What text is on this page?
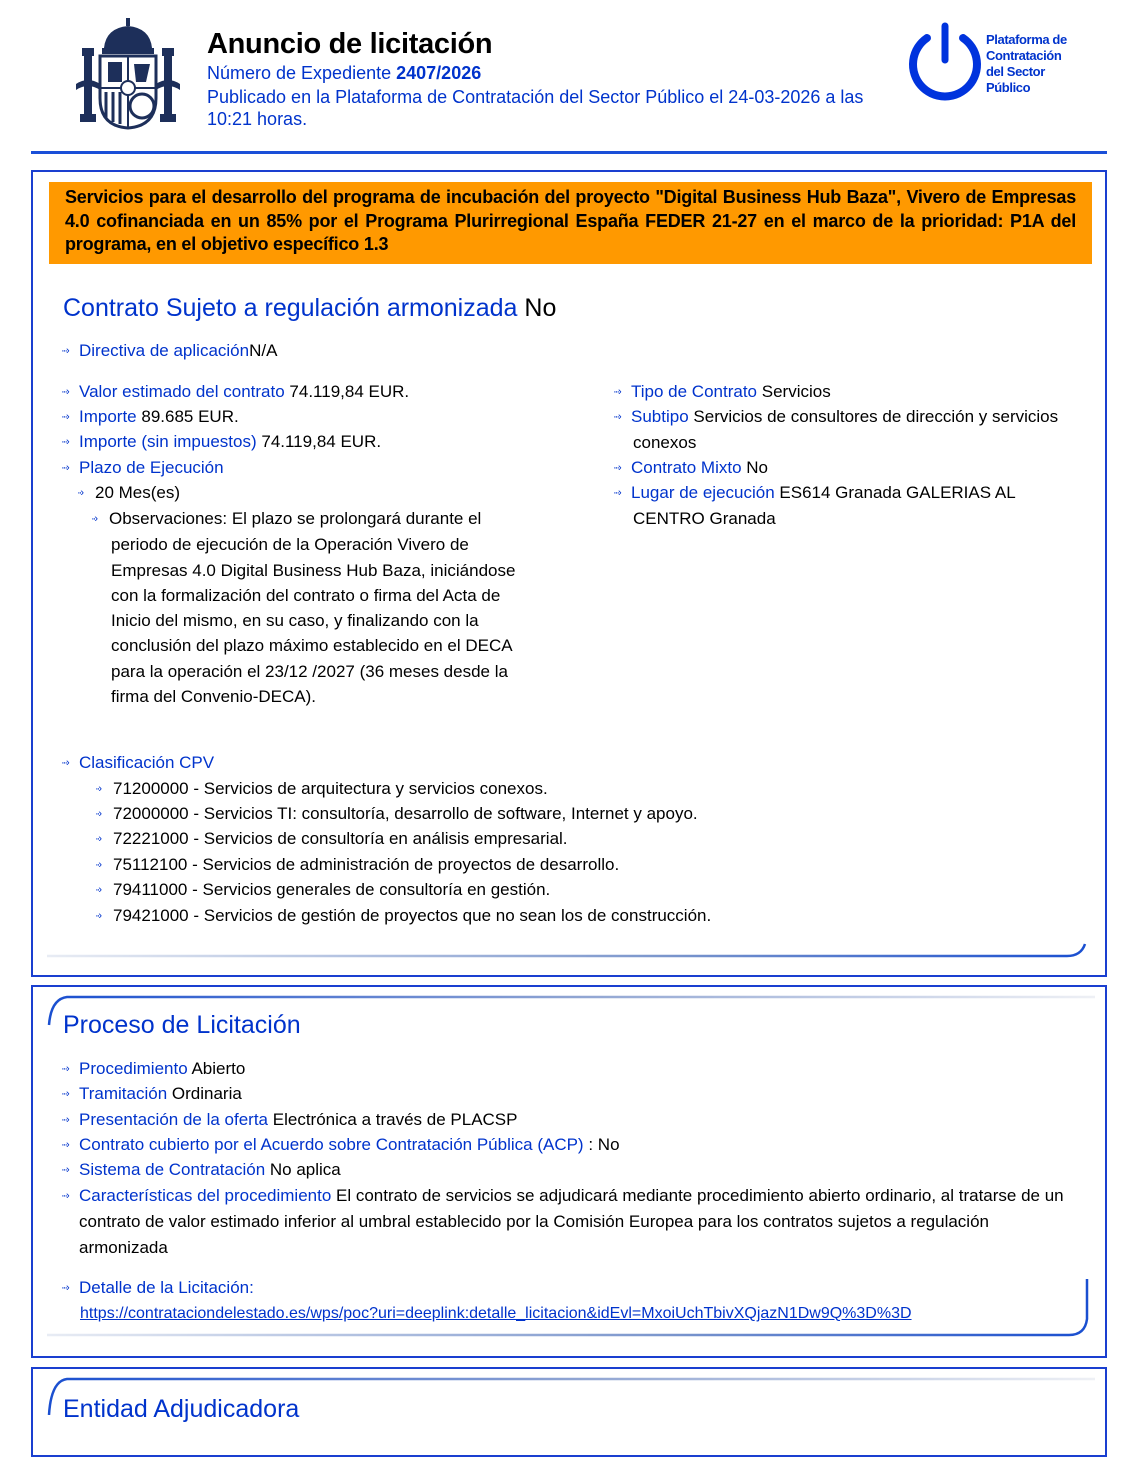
Anuncio de licitación
Número de Expediente 2407/2026
Publicado en la Plataforma de Contratación del Sector Público el 24-03-2026 a las 10:21 horas.
Plataforma de
Contratación
del Sector
Público
Servicios para el desarrollo del programa de incubación del proyecto "Digital Business Hub Baza", Vivero de Empresas 4.0 cofinanciada en un 85% por el Programa Plurirregional España FEDER 21-27 en el marco de la prioridad: P1A del programa, en el objetivo específico 1.3
Contrato Sujeto a regulación armonizada No
···› Directiva de aplicaciónN/A
···› Valor estimado del contrato 74.119,84 EUR.
···› Importe 89.685 EUR.
···› Importe (sin impuestos) 74.119,84 EUR.
···› Plazo de Ejecución
··› 20 Mes(es)
··› Observaciones: El plazo se prolongará durante el periodo de ejecución de la Operación Vivero de Empresas 4.0 Digital Business Hub Baza, iniciándose con la formalización del contrato o firma del Acta de Inicio del mismo, en su caso, y finalizando con la conclusión del plazo máximo establecido en el DECA para la operación el 23/12 /2027 (36 meses desde la firma del Convenio-DECA).
···› Tipo de Contrato Servicios
···› Subtipo Servicios de consultores de dirección y servicios conexos
···› Contrato Mixto No
···› Lugar de ejecución ES614 Granada GALERIAS AL CENTRO Granada
···› Clasificación CPV
··› 71200000 - Servicios de arquitectura y servicios conexos.
··› 72000000 - Servicios TI: consultoría, desarrollo de software, Internet y apoyo.
··› 72221000 - Servicios de consultoría en análisis empresarial.
··› 75112100 - Servicios de administración de proyectos de desarrollo.
··› 79411000 - Servicios generales de consultoría en gestión.
··› 79421000 - Servicios de gestión de proyectos que no sean los de construcción.
Proceso de Licitación
···› Procedimiento Abierto
···› Tramitación Ordinaria
···› Presentación de la oferta Electrónica a través de PLACSP
···› Contrato cubierto por el Acuerdo sobre Contratación Pública (ACP) : No
···› Sistema de Contratación No aplica
···› Características del procedimiento El contrato de servicios se adjudicará mediante procedimiento abierto ordinario, al tratarse de un contrato de valor estimado inferior al umbral establecido por la Comisión Europea para los contratos sujetos a regulación armonizada
···› Detalle de la Licitación:
https://contrataciondelestado.es/wps/poc?uri=deeplink:detalle_licitacion&idEvl=MxoiUchTbivXQjazN1Dw9Q%3D%3D
Entidad Adjudicadora
